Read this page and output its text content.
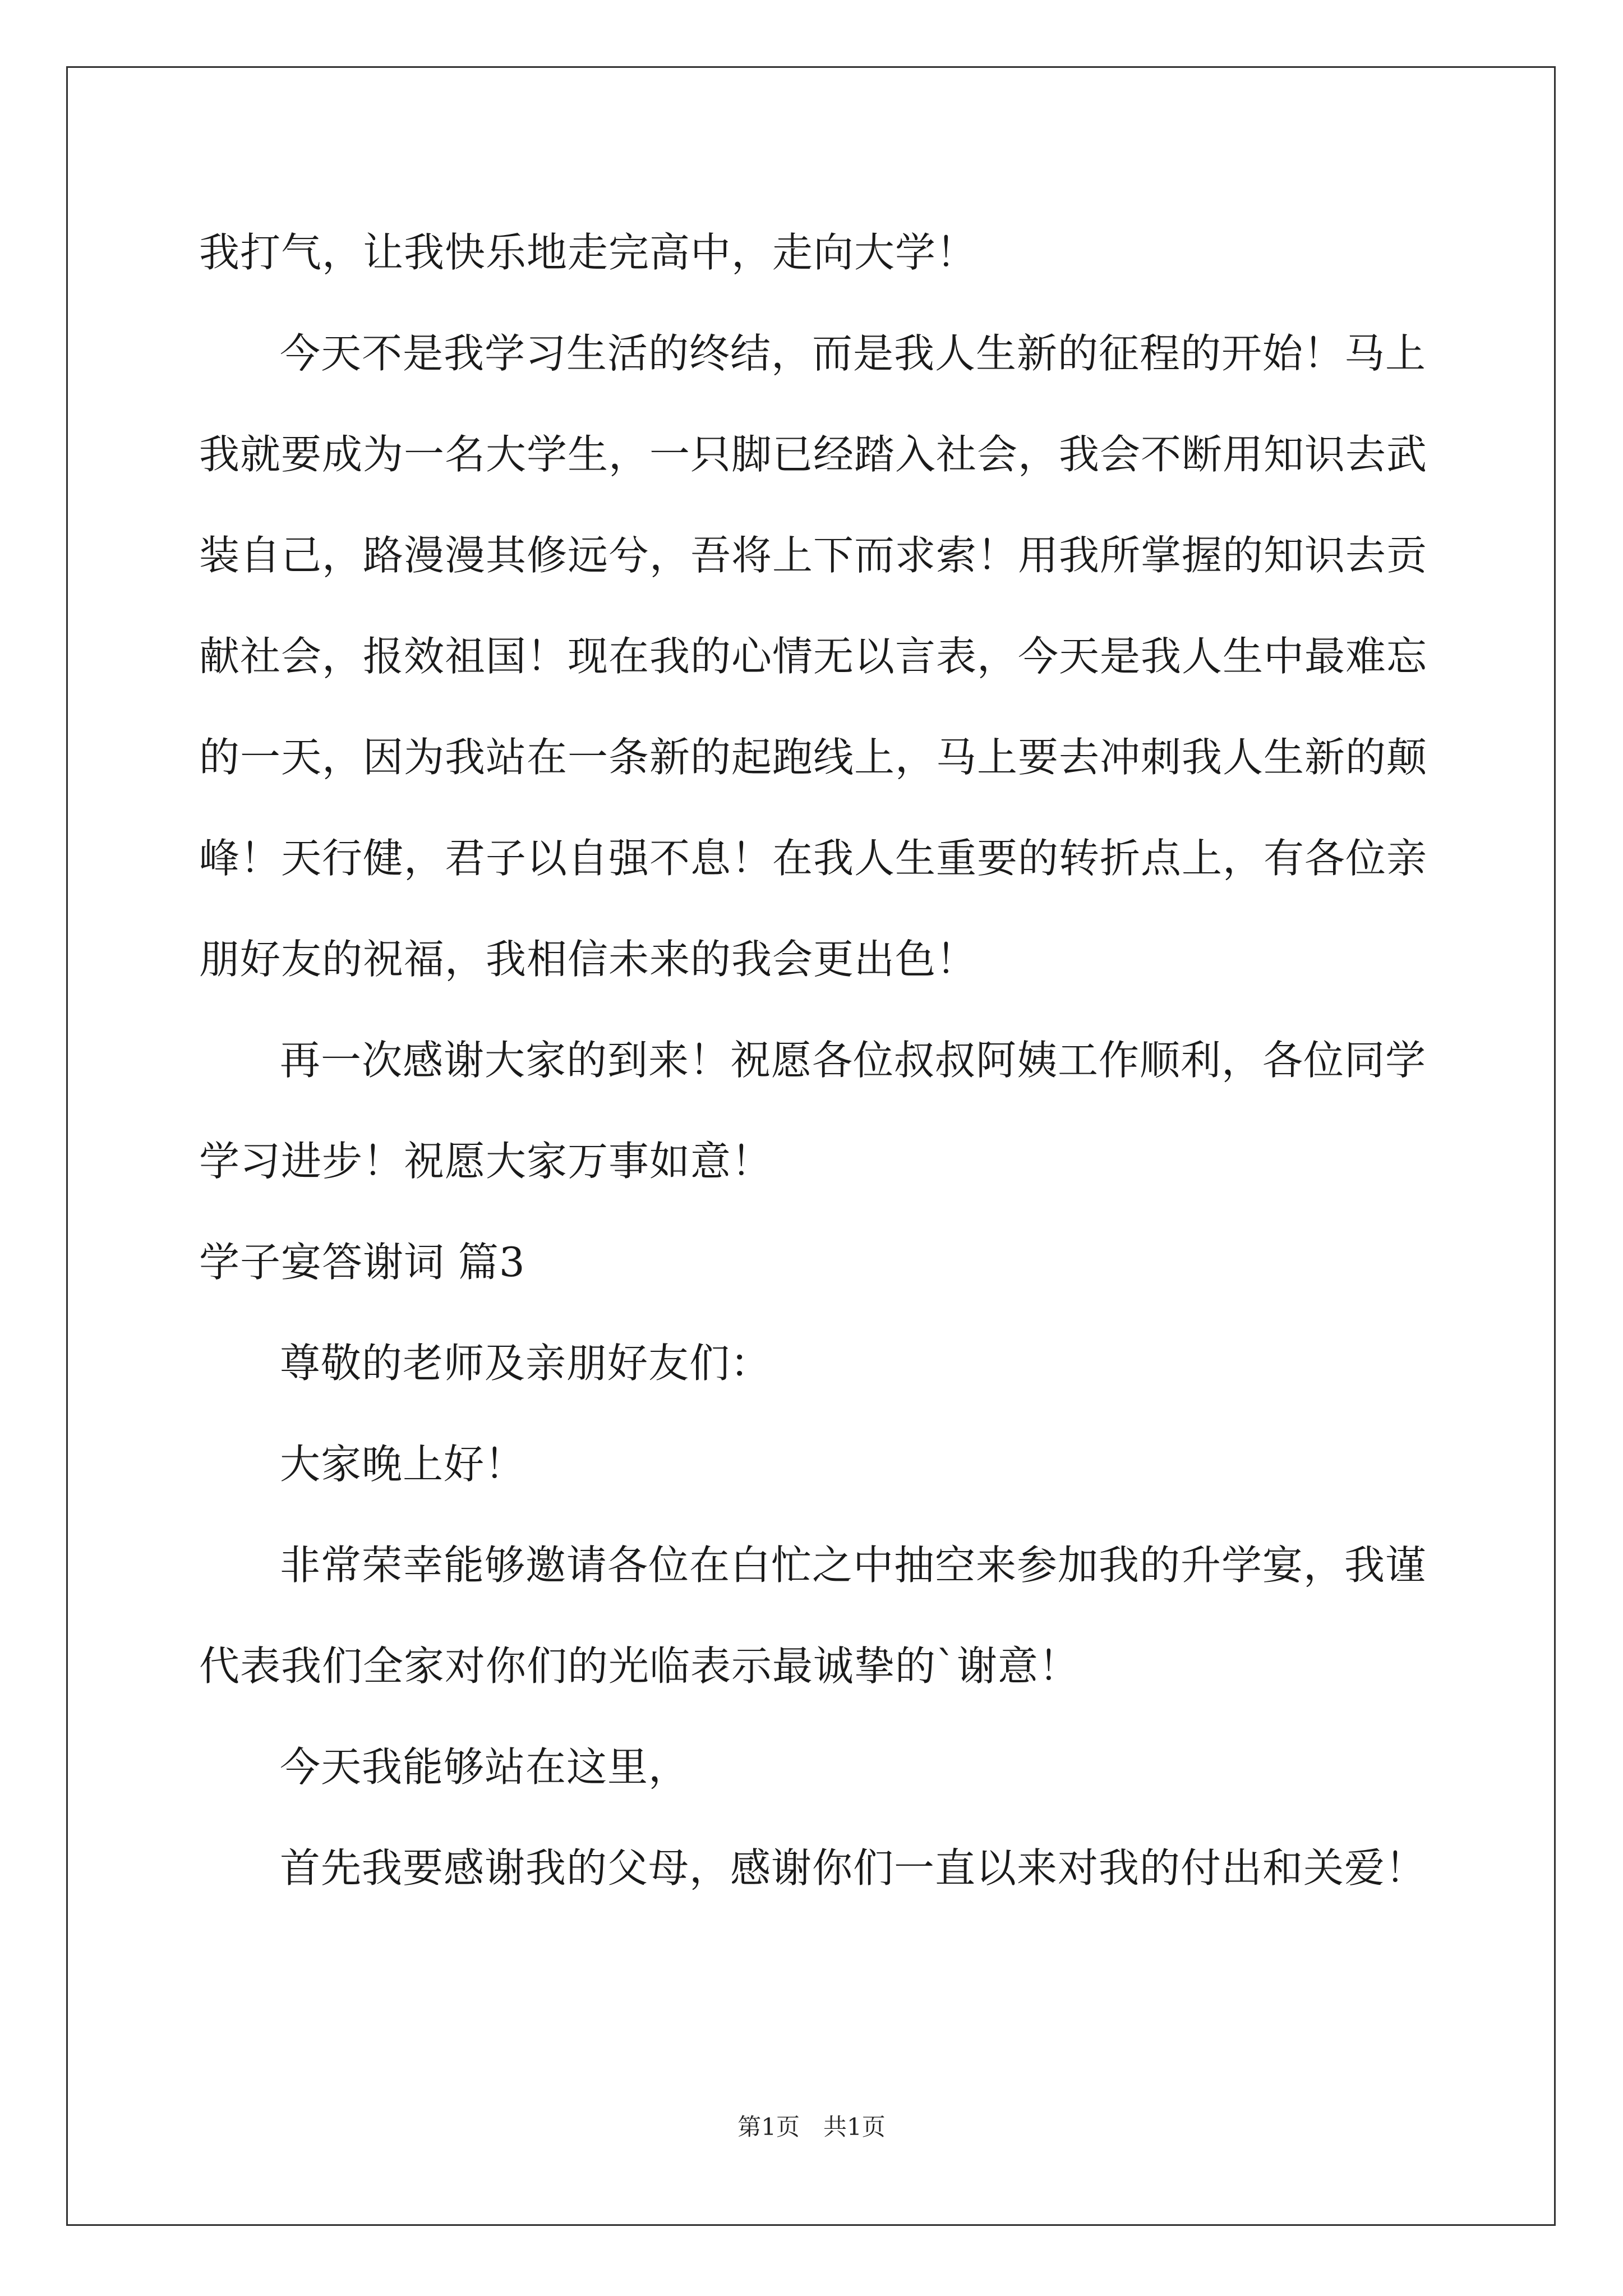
我打气，让我快乐地走完高中，走向大学！
今天不是我学习生活的终结，而是我人生新的征程的开始！马上
我就要成为一名大学生，一只脚已经踏入社会，我会不断用知识去武
装自己，路漫漫其修远兮，吾将上下而求索！用我所掌握的知识去贡
献社会，报效祖国！现在我的心情无以言表，今天是我人生中最难忘
的一天，因为我站在一条新的起跑线上，马上要去冲刺我人生新的颠
峰！天行健，君子以自强不息！在我人生重要的转折点上，有各位亲
朋好友的祝福，我相信未来的我会更出色！
再一次感谢大家的到来！祝愿各位叔叔阿姨工作顺利，各位同学
学习进步！祝愿大家万事如意！
学子宴答谢词 篇3
尊敬的老师及亲朋好友们：
大家晚上好！
非常荣幸能够邀请各位在白忙之中抽空来参加我的升学宴，我谨
代表我们全家对你们的光临表示最诚挚的`谢意！
今天我能够站在这里，
首先我要感谢我的父母，感谢你们一直以来对我的付出和关爱！
第1页　共1页
